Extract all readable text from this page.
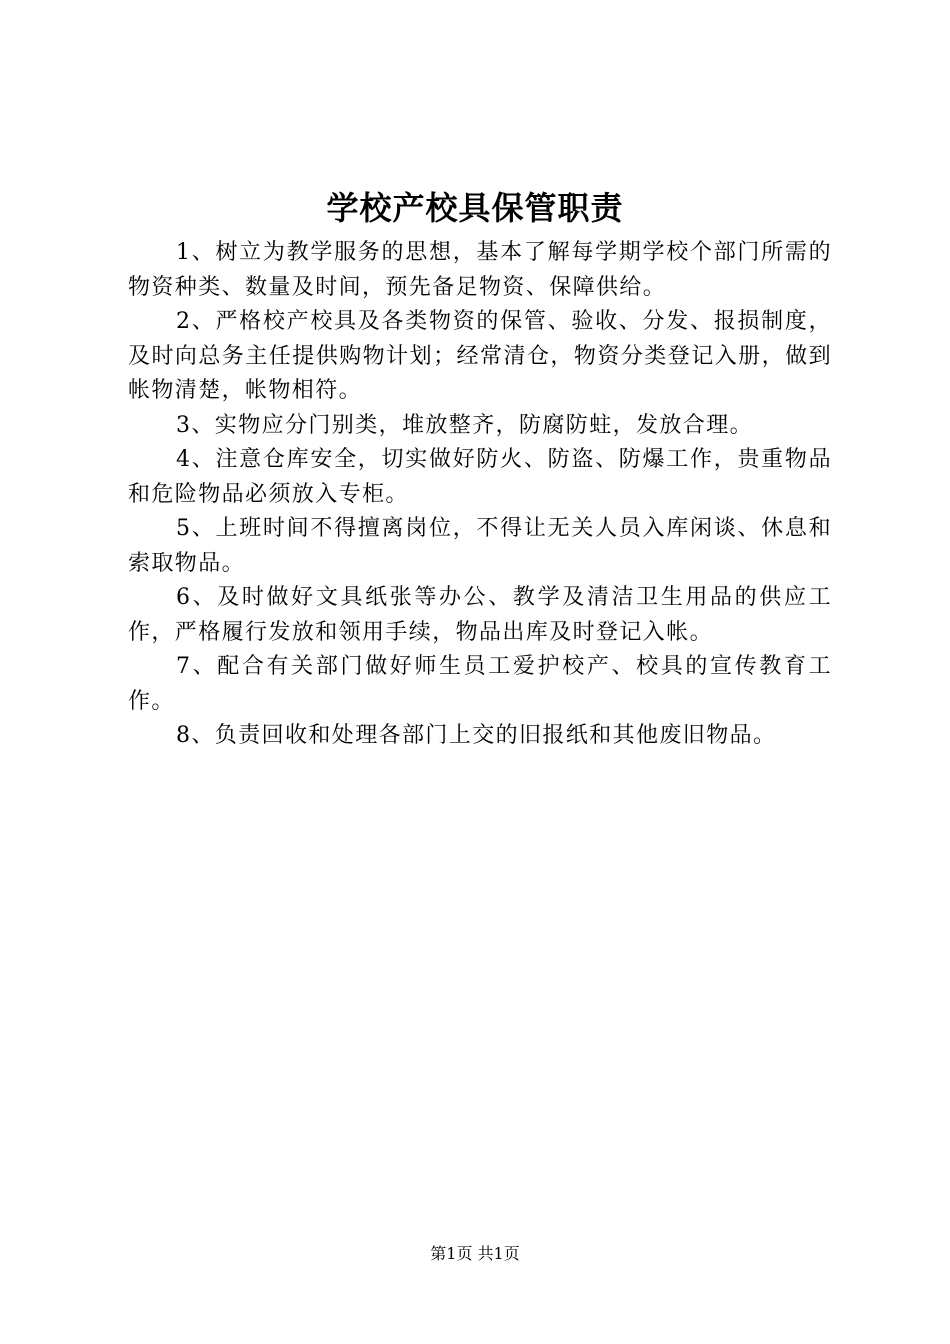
学校产校具保管职责

1、树立为教学服务的思想，基本了解每学期学校个部门所需的物资种类、数量及时间，预先备足物资、保障供给。

2、严格校产校具及各类物资的保管、验收、分发、报损制度，及时向总务主任提供购物计划；经常清仓，物资分类登记入册，做到帐物清楚，帐物相符。

3、实物应分门别类，堆放整齐，防腐防蛀，发放合理。

4、注意仓库安全，切实做好防火、防盗、防爆工作，贵重物品和危险物品必须放入专柜。

5、上班时间不得擅离岗位，不得让无关人员入库闲谈、休息和索取物品。

6、及时做好文具纸张等办公、教学及清洁卫生用品的供应工作，严格履行发放和领用手续，物品出库及时登记入帐。

7、配合有关部门做好师生员工爱护校产、校具的宣传教育工作。

8、负责回收和处理各部门上交的旧报纸和其他废旧物品。

第1页 共1页
